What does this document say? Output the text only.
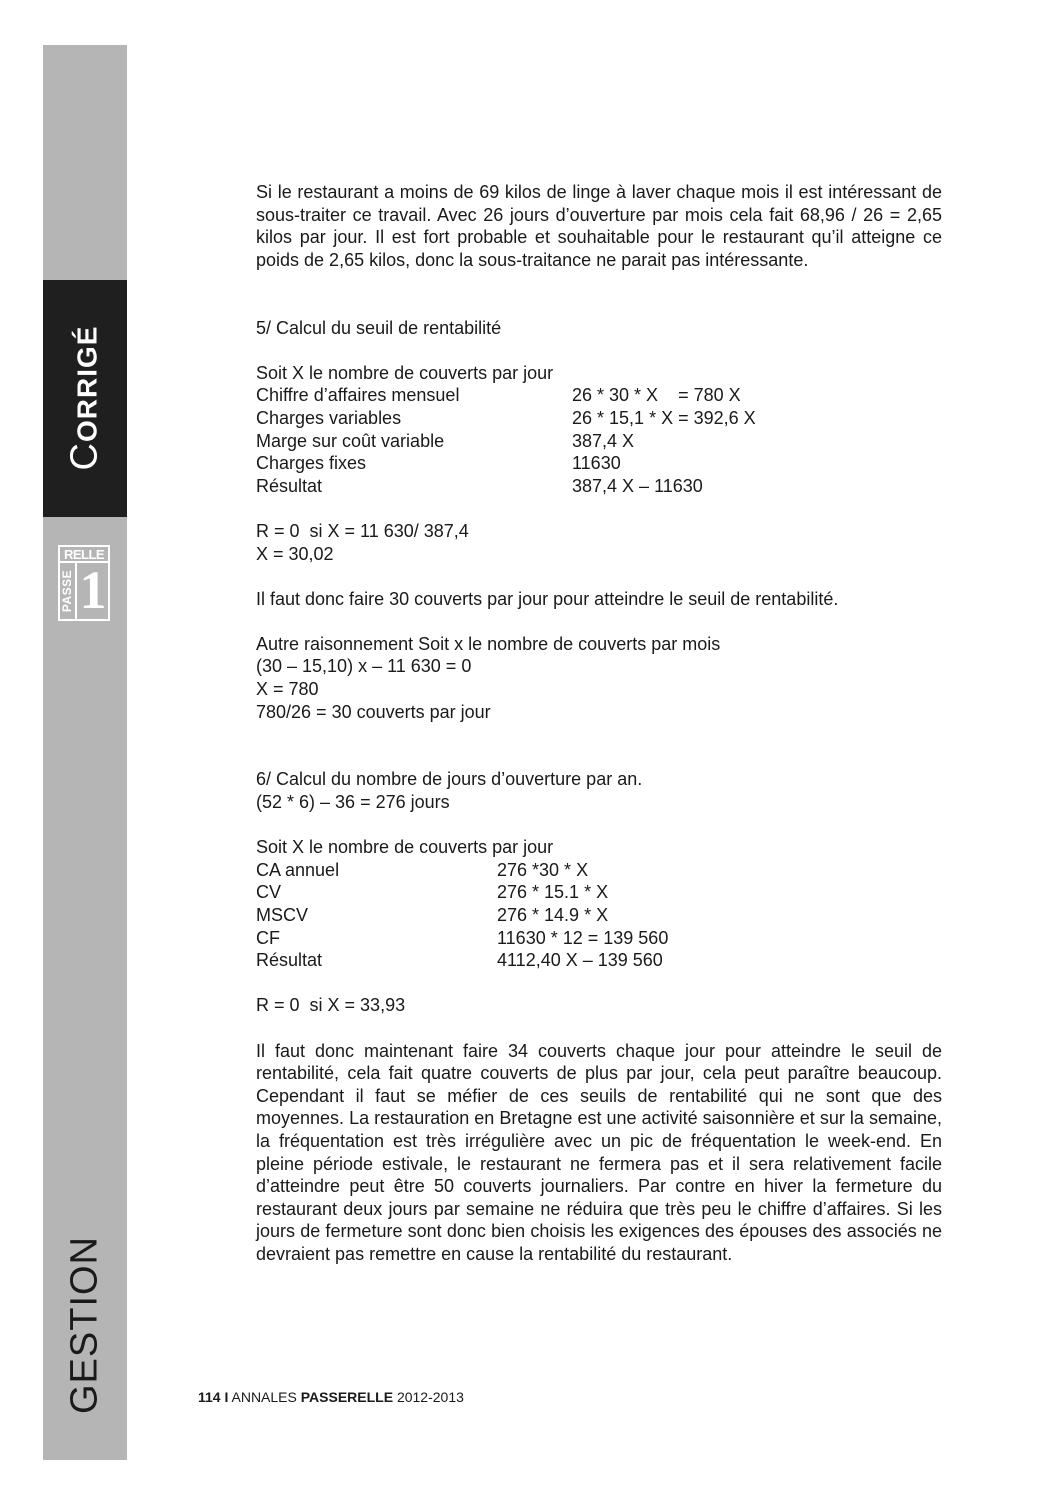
CORRIGÉ
RELLE
PASSE 1
GESTION

Si le restaurant a moins de 69 kilos de linge à laver chaque mois il est intéressant de sous-traiter ce travail. Avec 26 jours d’ouverture par mois cela fait 68,96 / 26 = 2,65 kilos par jour. Il est fort probable et souhaitable pour le restaurant qu’il atteigne ce poids de 2,65 kilos, donc la sous-traitance ne parait pas intéressante.

5/ Calcul du seuil de rentabilité

Soit X le nombre de couverts par jour

Chiffre d’affaires mensuel	26 * 30 * X    = 780 X
Charges variables	26 * 15,1 * X = 392,6 X
Marge sur coût variable	387,4 X
Charges fixes	11630
Résultat	387,4 X – 11630

R = 0  si X = 11 630/ 387,4

X = 30,02

Il faut donc faire 30 couverts par jour pour atteindre le seuil de rentabilité.

Autre raisonnement Soit x le nombre de couverts par mois

(30 – 15,10) x – 11 630 = 0

X = 780

780/26 = 30 couverts par jour

6/ Calcul du nombre de jours d’ouverture par an.

(52 * 6) – 36 = 276 jours

Soit X le nombre de couverts par jour

CA annuel	276 *30 * X
CV	276 * 15.1 * X
MSCV	276 * 14.9 * X
CF	11630 * 12 = 139 560
Résultat	4112,40 X – 139 560

R = 0  si X = 33,93

Il faut donc maintenant faire 34 couverts chaque jour pour atteindre le seuil de rentabilité, cela fait quatre couverts de plus par jour, cela peut paraître beaucoup. Cependant il faut se méfier de ces seuils de rentabilité qui ne sont que des moyennes. La restauration en Bretagne est une activité saisonnière et sur la semaine, la fréquentation est très irrégulière avec un pic de fréquentation le week-end. En pleine période estivale, le restaurant ne fermera pas et il sera relativement facile d’atteindre peut être 50 couverts journaliers. Par contre en hiver la fermeture du restaurant deux jours par semaine ne réduira que très peu le chiffre d’affaires. Si les jours de fermeture sont donc bien choisis les exigences des épouses des associés ne devraient pas remettre en cause la rentabilité du restaurant.

114 I ANNALES PASSERELLE 2012-2013
